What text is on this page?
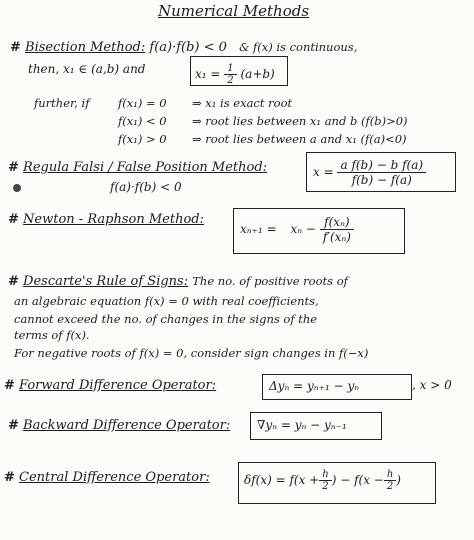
Numerical Methods
# Bisection Method: f(a)·f(b) < 0 & f(x) is continuous,
then, x₁ ∈ (a,b) and	$x_1 = \frac{1}{2} (a+b)$
further, if f(x₁) = 0 ⇒ x₁ is exact root
f(x₁) < 0 ⇒ root lies between x₁ and b (f(b)>0)
f(x₁) > 0 ⇒ root lies between a and x₁ (f(a)<0)
# Regula Falsi / False Position Method:
f(a)·f(b) < 0
$x = \frac{\text{a f(b) − b f(a)}}{f(b) - f(a)}$
# Newton - Raphson Method:
$x_{n+1} = x_n - \frac{\text{f(xₙ)}}{\text{f′(xₙ)}}$
# Descarte's Rule of Signs: The no. of positive roots of
an algebraic equation f(x) = 0 with real coefficients,
cannot exceed the no. of changes in the signs of the
terms of f(x).
For negative roots of f(x) = 0, consider sign changes in f(−x)
# Forward Difference Operator:	Δyₙ = yₙ₊₁ − yₙ	, x > 0
# Backward Difference Operator: ∇yₙ = yₙ − yₙ₋₁
# Central Difference Operator:	$\delta f(x) = f(x + \frac{h}{2}$ ) − $f(x - \frac{h}{2}$ )
